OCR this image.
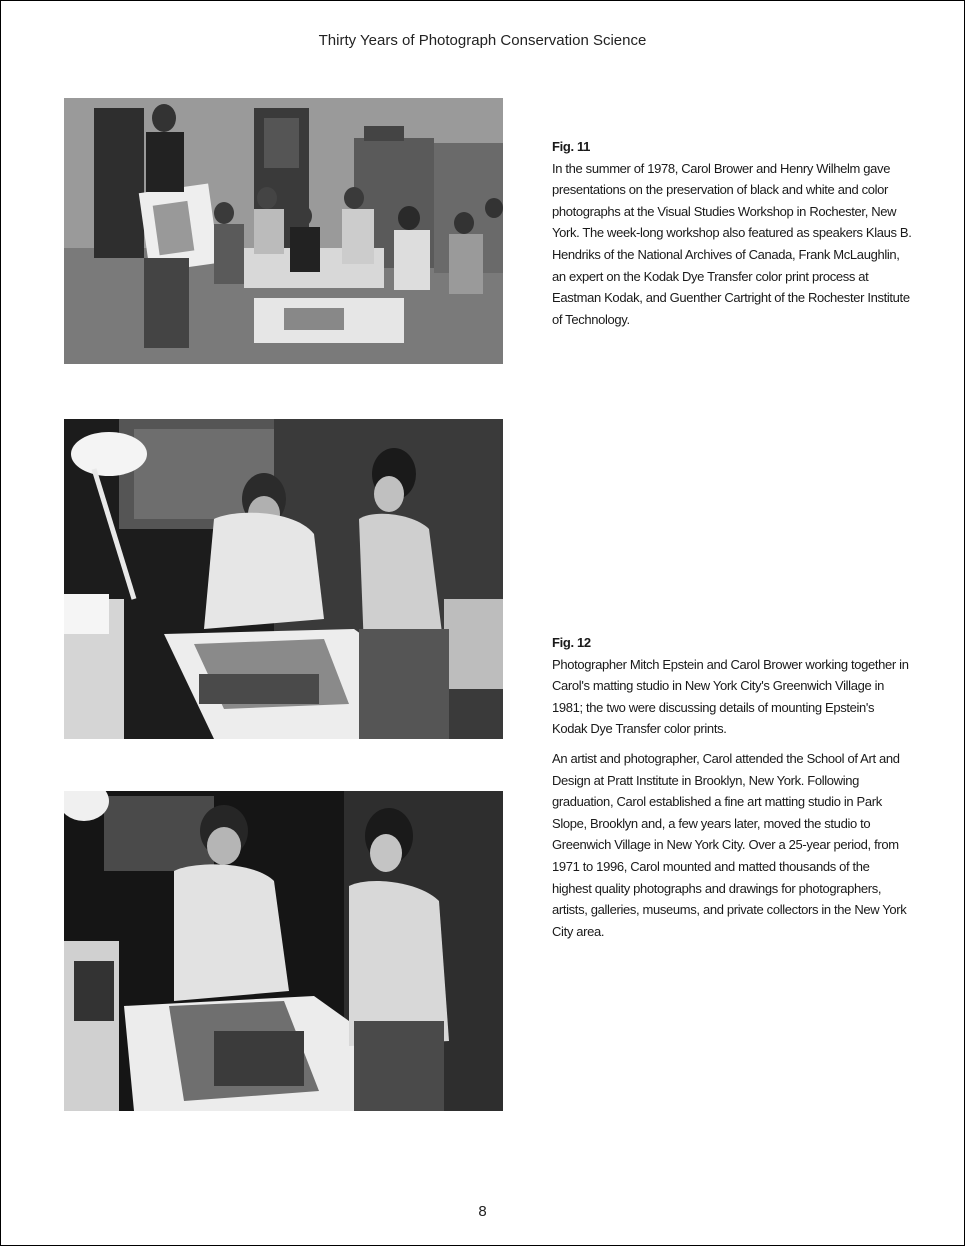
Thirty Years of Photograph Conservation Science
Fig. 11

In the summer of 1978, Carol Brower and Henry Wilhelm gave presentations on the preservation of black and white and color photographs at the Visual Studies Workshop in Rochester, New York. The week-long workshop also featured as speakers Klaus B. Hendriks of the National Archives of Canada, Frank McLaughlin, an expert on the Kodak Dye Transfer color print process at Eastman Kodak, and Guenther Cartright of the Rochester Institute of Technology.

Fig. 12

Photographer Mitch Epstein and Carol Brower working together in Carol's matting studio in New York City's Greenwich Village in 1981; the two were discussing details of mounting Epstein's Kodak Dye Transfer color prints.

An artist and photographer, Carol attended the School of Art and Design at Pratt Institute in Brooklyn, New York. Following graduation, Carol established a fine art matting studio in Park Slope, Brooklyn and, a few years later, moved the studio to Greenwich Village in New York City. Over a 25-year period, from 1971 to 1996, Carol mounted and matted thousands of the highest quality photographs and drawings for photographers, artists, galleries, museums, and private collectors in the New York City area.

8
